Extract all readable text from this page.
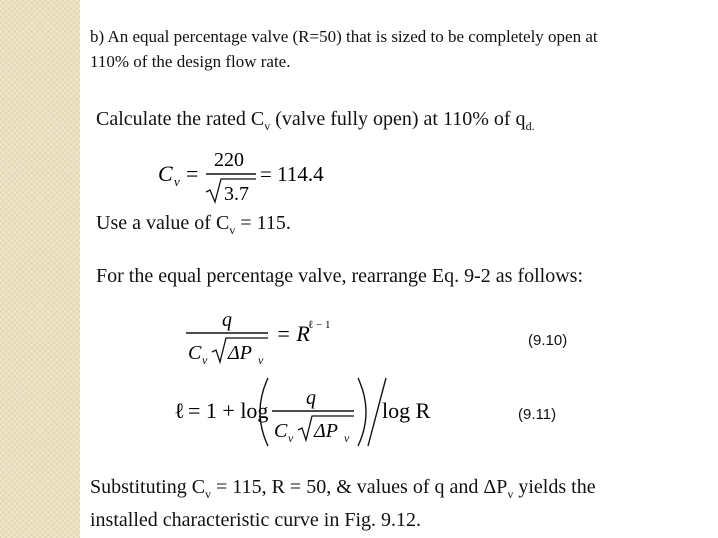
b) An equal percentage valve (R=50) that is sized to be completely open at
110% of the design flow rate.
Calculate the rated $C_v$ (valve fully open) at 110% of $q_{d.}$
C v =
220
3.7
= 114.4
Use a value of $C_v = 115$.
For the equal percentage valve, rearrange Eq. 9-2 as follows:
q
C v ΔP v
= R
ℓ − 1
(9.10)
ℓ = 1 + log q
C v ΔP v
log R	(9.11)
Substituting $C_v = 115$, R = 50, & values of q and $\Delta P_v$ yields the
installed characteristic curve in Fig. 9.12.
